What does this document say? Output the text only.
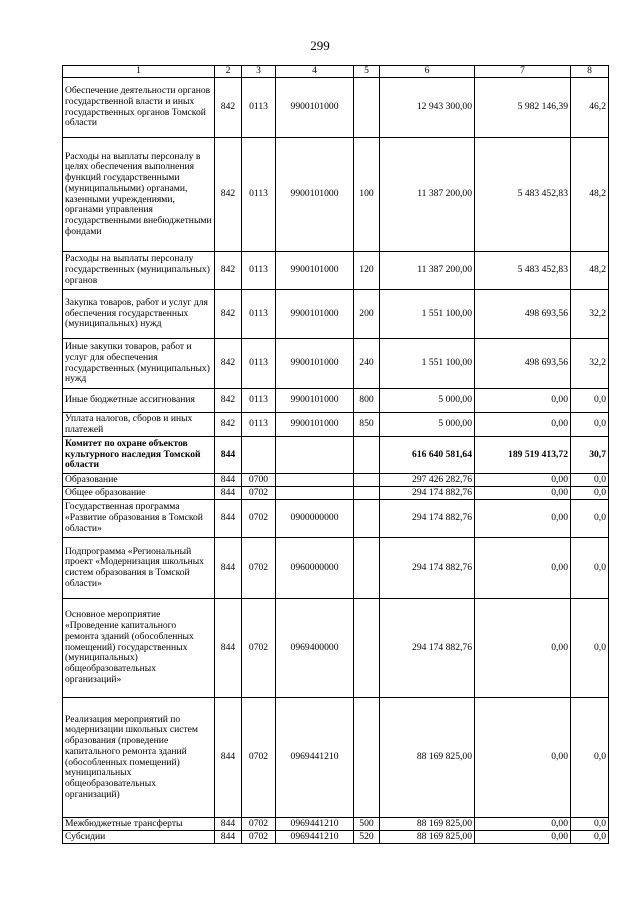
299
1	2	3	4	5	6	7	8
Обеспечение деятельности органов государственной власти и иных государственных органов Томской области	842	0113	9900101000		12 943 300,00	5 982 146,39	46,2
Расходы на выплаты персоналу в целях обеспечения выполнения функций государственными (муниципальными) органами, казенными учреждениями, органами управления государственными внебюджетными фондами	842	0113	9900101000	100	11 387 200,00	5 483 452,83	48,2
Расходы на выплаты персоналу государственных (муниципальных) органов	842	0113	9900101000	120	11 387 200,00	5 483 452,83	48,2
Закупка товаров, работ и услуг для обеспечения государственных (муниципальных) нужд	842	0113	9900101000	200	1 551 100,00	498 693,56	32,2
Иные закупки товаров, работ и услуг для обеспечения государственных (муниципальных) нужд	842	0113	9900101000	240	1 551 100,00	498 693,56	32,2
Иные бюджетные ассигнования	842	0113	9900101000	800	5 000,00	0,00	0,0
Уплата налогов, сборов и иных платежей	842	0113	9900101000	850	5 000,00	0,00	0,0
Комитет по охране объектов культурного наследия Томской области	844				616 640 581,64	189 519 413,72	30,7
Образование	844	0700			297 426 282,76	0,00	0,0
Общее образование	844	0702			294 174 882,76	0,00	0,0
Государственная программа «Развитие образования в Томской области»	844	0702	0900000000		294 174 882,76	0,00	0,0
Подпрограмма «Региональный проект «Модернизация школьных систем образования в Томской области»	844	0702	0960000000		294 174 882,76	0,00	0,0
Основное мероприятие «Проведение капитального ремонта зданий (обособленных помещений) государственных (муниципальных) общеобразовательных организаций»	844	0702	0969400000		294 174 882,76	0,00	0,0
Реализация мероприятий по модернизации школьных систем образования (проведение капитального ремонта зданий (обособленных помещений) муниципальных общеобразовательных организаций)	844	0702	0969441210		88 169 825,00	0,00	0,0
Межбюджетные трансферты	844	0702	0969441210	500	88 169 825,00	0,00	0,0
Субсидии	844	0702	0969441210	520	88 169 825,00	0,00	0,0
